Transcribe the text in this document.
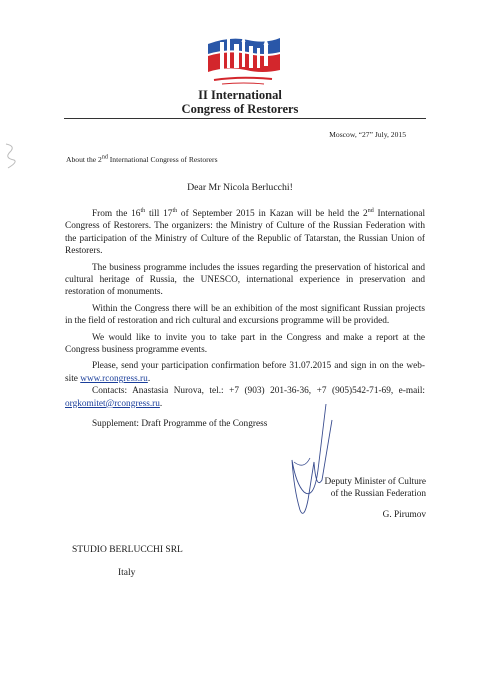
II International
Congress of Restorers
Moscow, “27” July, 2015
About the 2nd International Congress of Restorers
Dear Mr Nicola Berlucchi!

From the 16th till 17th of September 2015 in Kazan will be held the 2nd International Congress of Restorers. The organizers: the Ministry of Culture of the Russian Federation with the participation of the Ministry of Culture of the Republic of Tatarstan, the Russian Union of Restorers.

The business programme includes the issues regarding the preservation of historical and cultural heritage of Russia, the UNESCO, international experience in preservation and restoration of monuments.

Within the Congress there will be an exhibition of the most significant Russian projects in the field of restoration and rich cultural and excursions programme will be provided.

We would like to invite you to take part in the Congress and make a report at the Congress business programme events.

Please, send your participation confirmation before 31.07.2015 and sign in on the web-site www.rcongress.ru.

Contacts: Anastasia Nurova, tel.: +7 (903) 201-36-36, +7 (905)542-71-69, e-mail: orgkomitet@rcongress.ru.

Supplement: Draft Programme of the Congress

Deputy Minister of Culture
of the Russian Federation
G. Pirumov
STUDIO BERLUCCHI SRL
Italy
